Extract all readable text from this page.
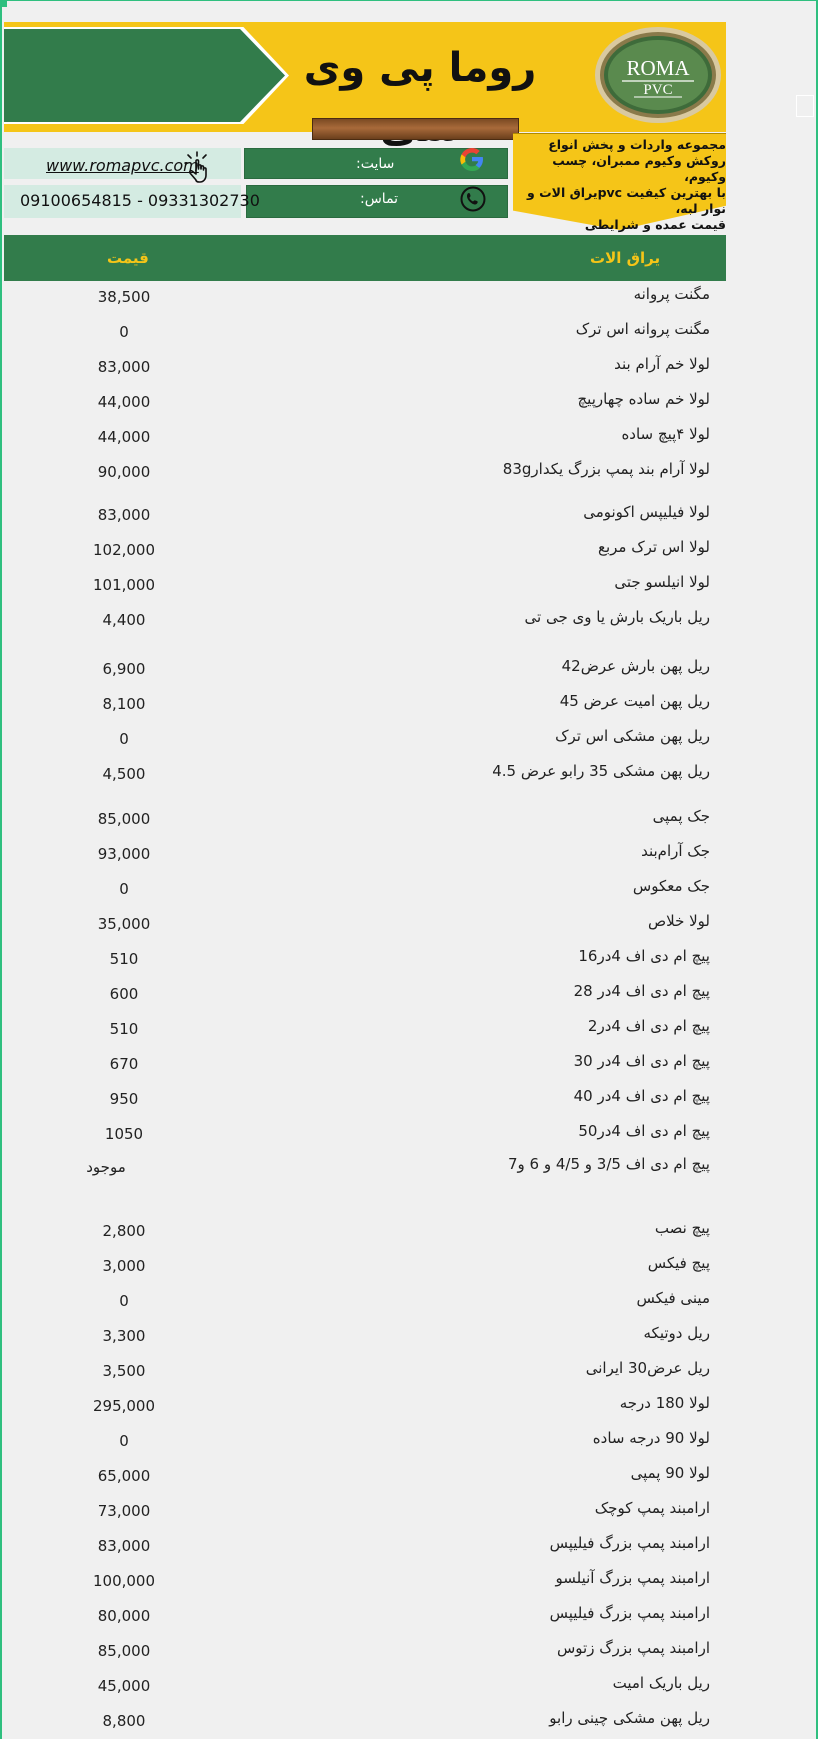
روما پی وی	ROMA
PVC
مجموعه واردات و پخش انواع
روکش وکیوم ممبران، چسب وکیوم،
با بهترین کیفیت pvcیراق الات و نوار لبه،
قیمت عمده و شرایطی
سایت:
تماس:
www.romapvc.com
09100654815 - 09331302730
یراق الات
قیمت
مگنت پروانه
38,500
مگنت پروانه اس ترک
0
لولا خم آرام بند
83,000
لولا خم ساده چهارپیچ
44,000
لولا ۴پیچ ساده
44,000
لولا آرام بند پمپ بزرگ یکدار83g
90,000
لولا فیلیپس اکونومی
83,000
لولا اس ترک مربع
102,000
لولا انیلسو جتی
101,000
ریل باریک بارش یا وی جی تی
4,400
ریل پهن بارش عرض42
6,900
ریل پهن امیت عرض 45
8,100
ریل پهن مشکی اس ترک
0
ریل پهن مشکی 35 رابو عرض 4.5
4,500
جک پمپی
85,000
جک آرام‌بند
93,000
جک معکوس
0
لولا خلاص
35,000
پیچ ام دی اف 4در16
510
پیچ ام دی اف 4در 28
600
پیچ ام دی اف 4در2
510
پیچ ام دی اف 4در 30
670
پیچ ام دی اف 4در 40
950
پیچ ام دی اف 4در50
1050
پیچ ام دی اف 3/5 و 4/5 و 6 و7
موجود
پیچ نصب
2,800
پیچ فیکس
3,000
مینی فیکس
0
ریل دوتیکه
3,300
ریل عرض30 ایرانی
3,500
لولا 180 درجه
295,000
لولا 90 درجه ساده
0
لولا 90 پمپی
65,000
ارامبند پمپ کوچک
73,000
ارامبند پمپ بزرگ فیلیپس
83,000
ارامبند پمپ بزرگ آنیلسو
100,000
ارامبند پمپ بزرگ فیلیپس
80,000
ارامبند پمپ بزرگ زتوس
85,000
ریل باریک امیت
45,000
ریل پهن مشکی چینی رابو
8,800
